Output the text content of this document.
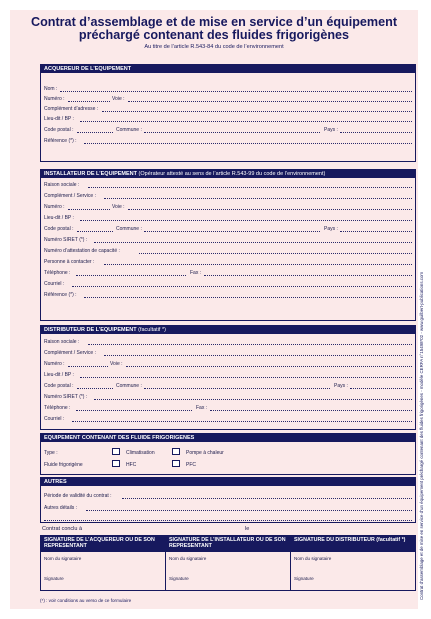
Contrat d’assemblage et de mise en service d’un équipement
préchargé contenant des fluides frigorigènes
Au titre de l’article R.543-84 du code de l’environnement
ACQUEREUR DE L’EQUIPEMENT
Nom :
Numéro :	Voie :
Complément d’adresse :
Lieu-dit / BP :
Code postal :	Commune :	Pays :
Référence (*) :
INSTALLATEUR DE L’EQUIPEMENT (Opérateur attesté au sens de l’article R.543-99 du code de l’environnement)
Raison sociale :
Complément / Service :
Numéro :	Voie :
Lieu-dit / BP :
Code postal :	Commune :	Pays :
Numéro SIRET (*) :
Numéro d’attestation de capacité :
Personne à contacter :
Téléphone :	Fax :
Courriel :
Référence (*) :
DISTRIBUTEUR DE L’EQUIPEMENT (facultatif *)
Raison sociale :
Complément / Service :
Numéro :	Voie :
Lieu-dit / BP :
Code postal :	Commune :	Pays :
Numéro SIRET (*) :
Téléphone :	Fax :
Courriel :
EQUIPEMENT CONTENANT DES FLUIDE FRIGORIGENES
Type :	Climatisation	Pompe à chaleur
Fluide frigorigène	HFC	PFC
AUTRES
Période de validité du contrat :
Autres détails :
Contrat conclu à	le
SIGNATURE DE L’ACQUEREUR OU DE SON REPRESENTANT
Nom du signataire
Signature
SIGNATURE DE L’INSTALLATEUR OU DE SON REPRESENTANT
Nom du signataire
Signature
SIGNATURE DU DISTRIBUTEUR (facultatif *)
Nom du signataire
Signature
(*) : voir conditions au verso de ce formulaire
Contrat d’assemblage et de mise en service d’un équipement préchargé contenant des fluides frigorigènes - modèle CERFA n°15498*02 - www.guilbert-publications.com
